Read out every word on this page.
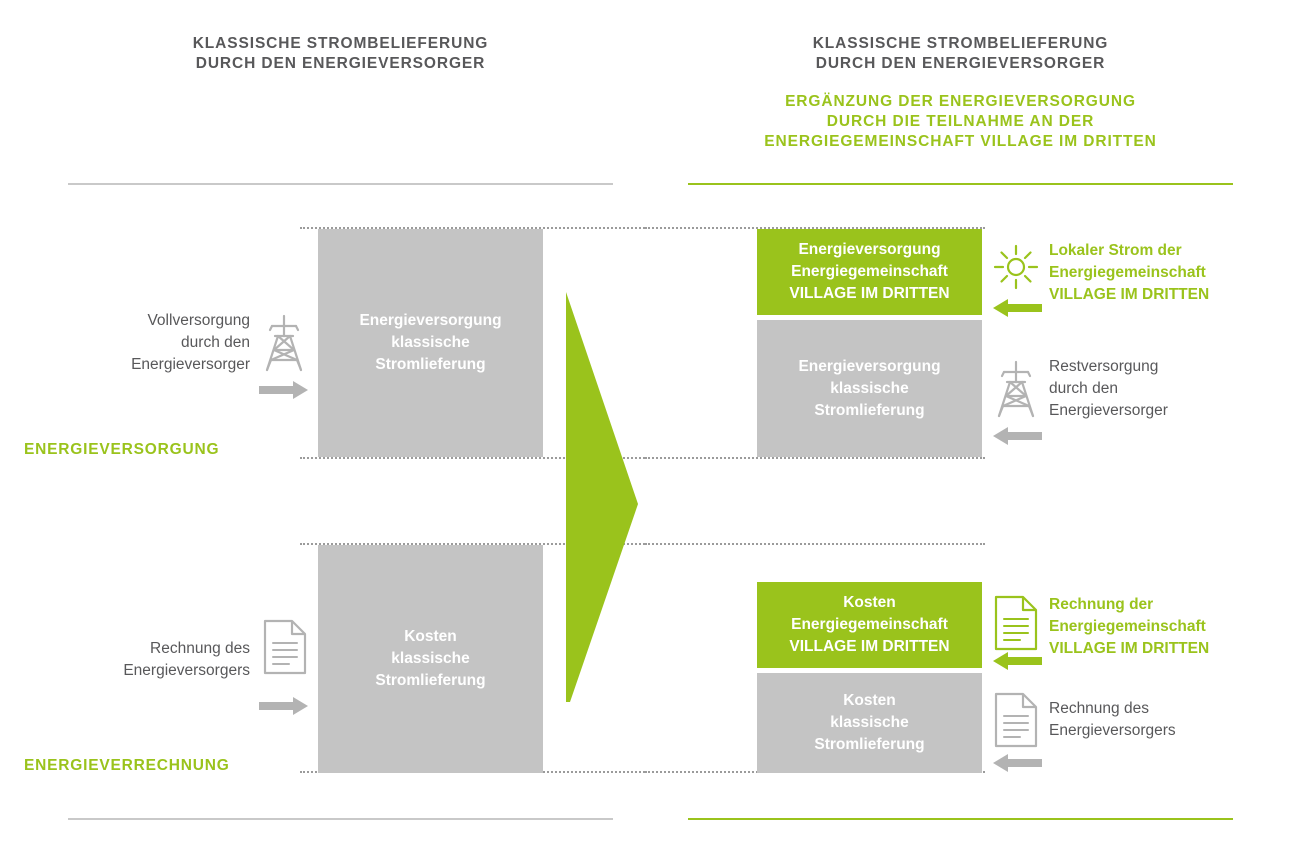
KLASSISCHE STROMBELIEFERUNG
DURCH DEN ENERGIEVERSORGER
KLASSISCHE STROMBELIEFERUNG
DURCH DEN ENERGIEVERSORGER
ERGÄNZUNG DER ENERGIEVERSORGUNG
DURCH DIE TEILNAHME AN DER
ENERGIEGEMEINSCHAFT VILLAGE IM DRITTEN
Vollversorgung
durch den
Energieversorger
Energieversorgung
klassische
Stromlieferung
Energieversorgung
Energiegemeinschaft
VILLAGE IM DRITTEN
Energieversorgung
klassische
Stromlieferung
Lokaler Strom der
Energiegemeinschaft
VILLAGE IM DRITTEN
Restversorgung
durch den
Energieversorger
ENERGIEVERSORGUNG
Rechnung des
Energieversorgers
Kosten
klassische
Stromlieferung
Kosten
Energiegemeinschaft
VILLAGE IM DRITTEN
Kosten
klassische
Stromlieferung
Rechnung der
Energiegemeinschaft
VILLAGE IM DRITTEN
Rechnung des
Energieversorgers
ENERGIEVERRECHNUNG
